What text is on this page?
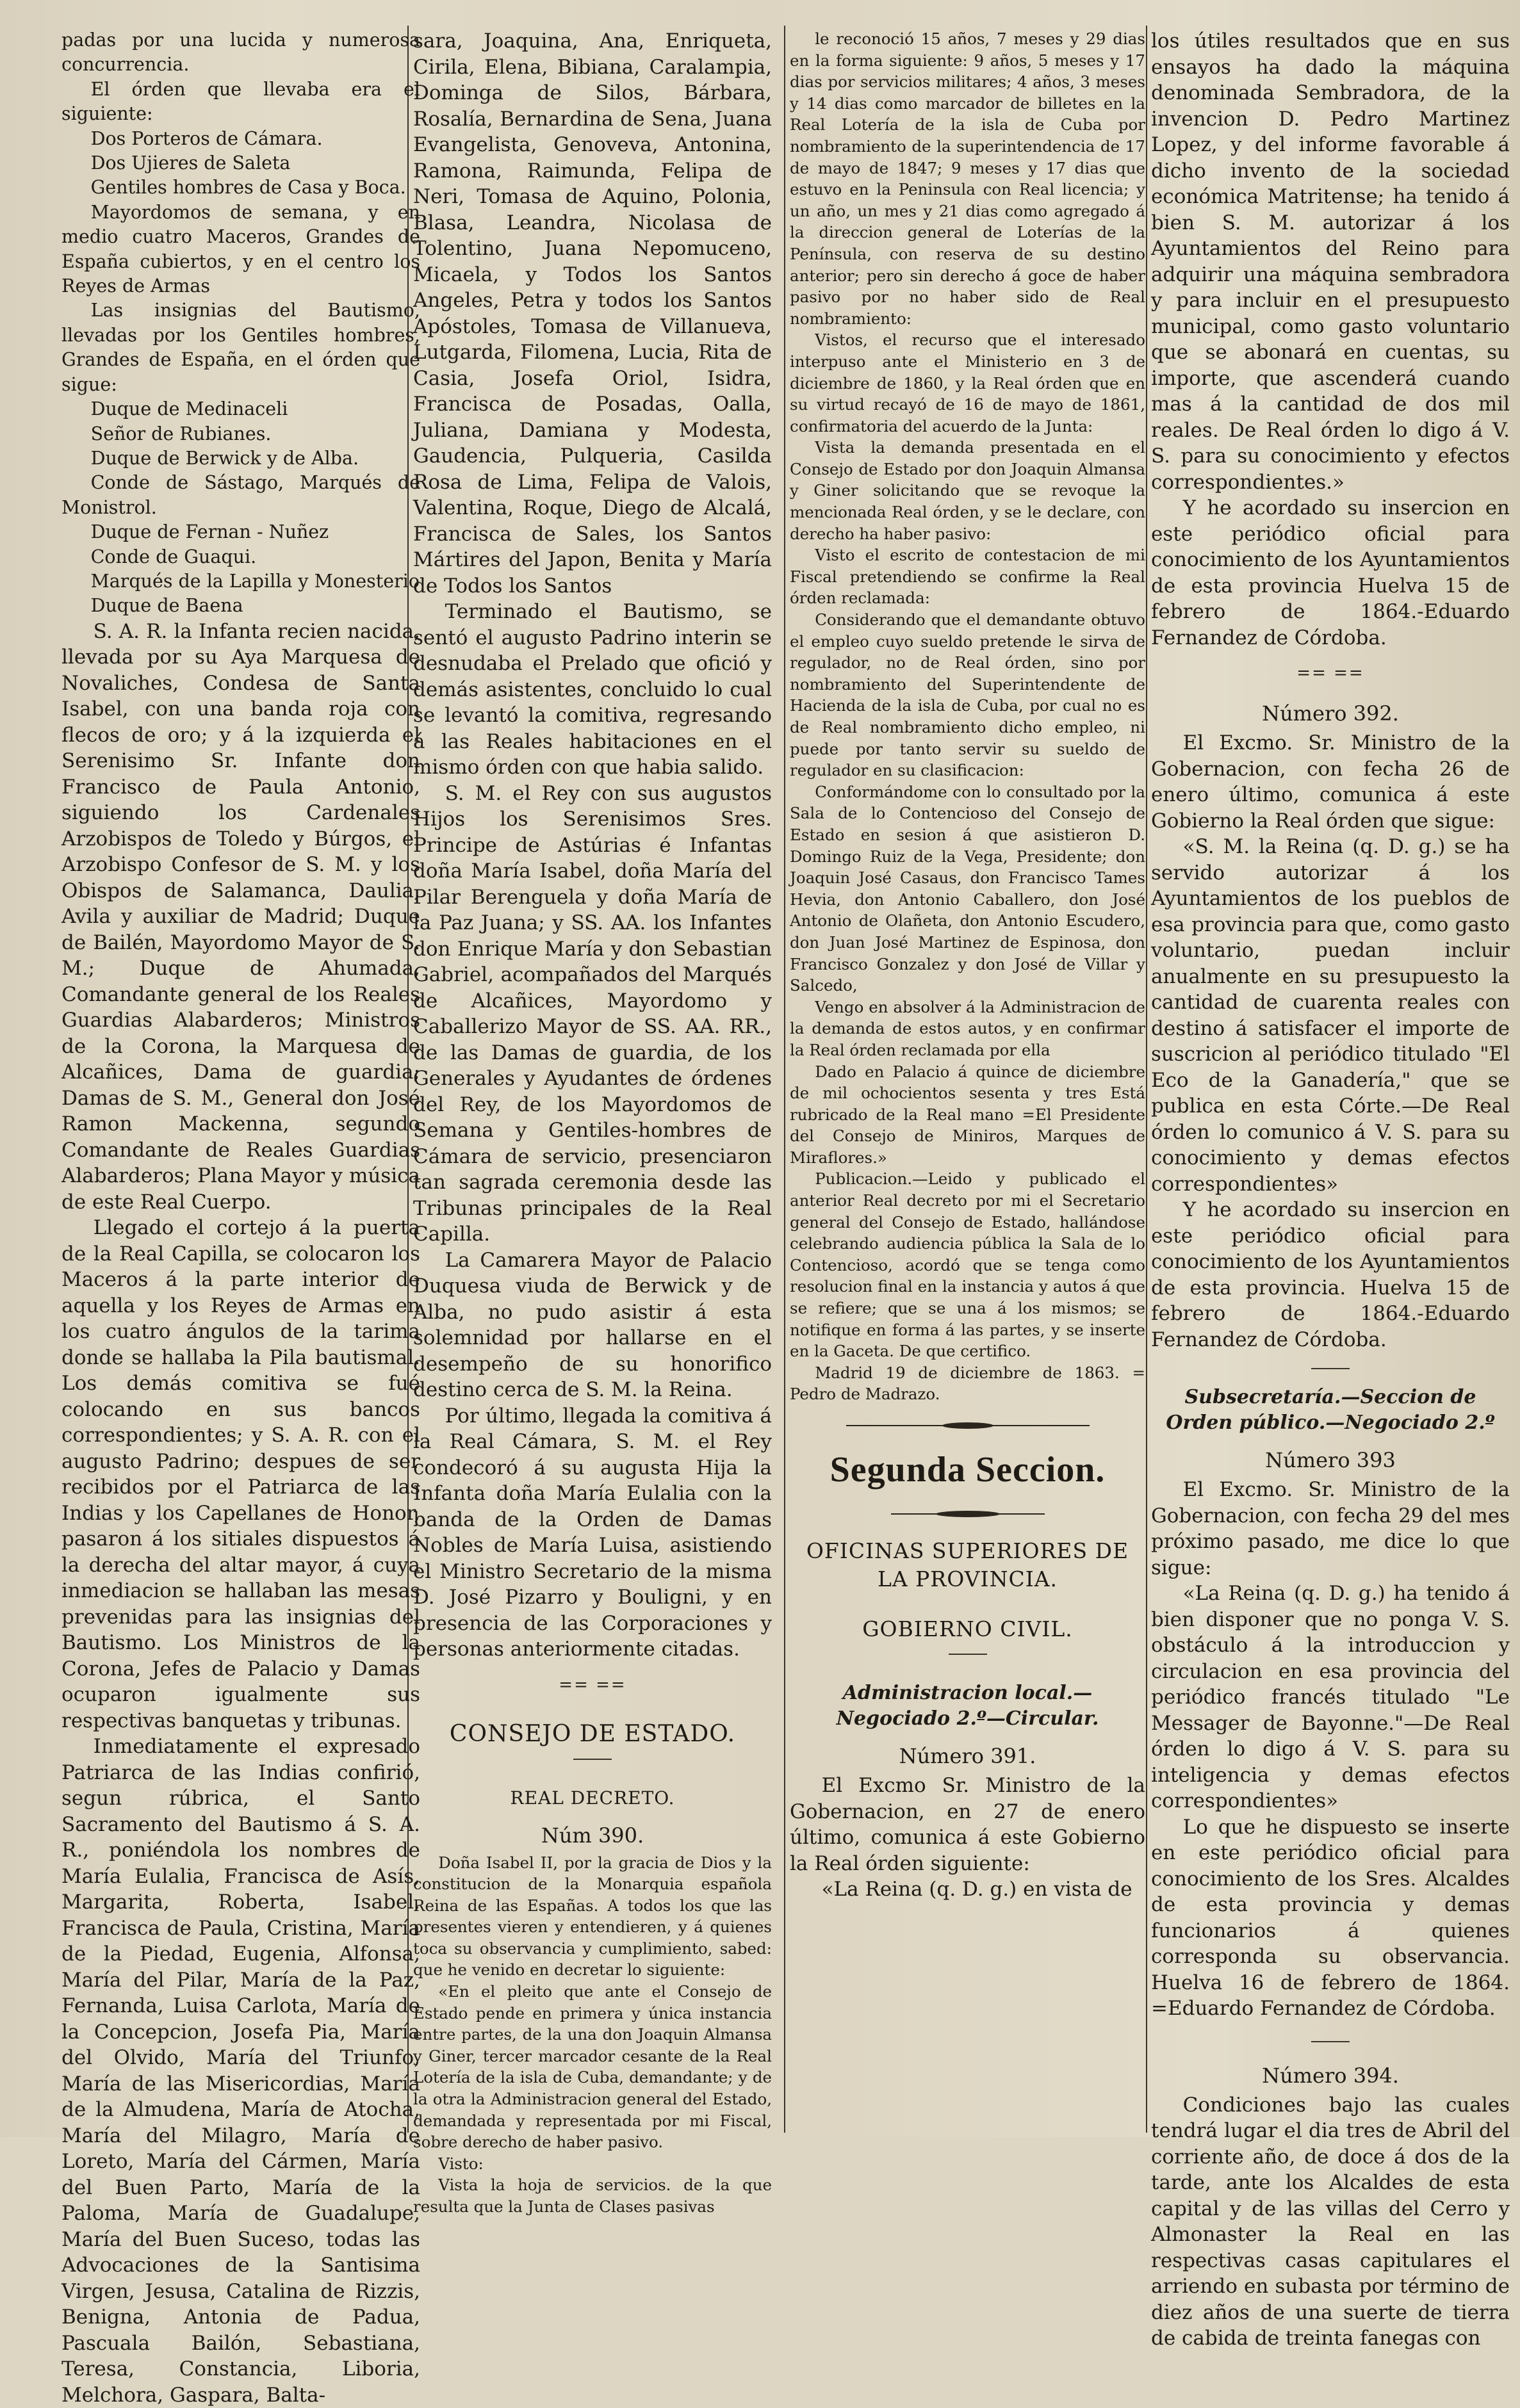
padas por una lucida y numerosa concurrencia.

El órden que llevaba era el siguiente:

Dos Porteros de Cámara.

Dos Ujieres de Saleta

Gentiles hombres de Casa y Boca.

Mayordomos de semana, y en medio cuatro Maceros, Grandes de España cubiertos, y en el centro los Reyes de Armas

Las insignias del Bautismo, llevadas por los Gentiles hombres, Grandes de España, en el órden que sigue:

Duque de Medinaceli

Señor de Rubianes.

Duque de Berwick y de Alba.

Conde de Sástago, Marqués de Monistrol.

Duque de Fernan - Nuñez

Conde de Guaqui.

Marqués de la Lapilla y Monesterio

Duque de Baena

S. A. R. la Infanta recien nacida, llevada por su Aya Marquesa de Novaliches, Condesa de Santa Isabel, con una banda roja con flecos de oro; y á la izquierda el Serenisimo Sr. Infante don Francisco de Paula Antonio, siguiendo los Cardenales Arzobispos de Toledo y Búrgos, el Arzobispo Confesor de S. M. y los Obispos de Salamanca, Daulia, Avila y auxiliar de Madrid; Duque de Bailén, Mayordomo Mayor de S. M.; Duque de Ahumada, Comandante general de los Reales Guardias Alabarderos; Ministros de la Corona, la Marquesa de Alcañices, Dama de guardia; Damas de S. M., General don José Ramon Mackenna, segundo Comandante de Reales Guardias Alabarderos; Plana Mayor y música de este Real Cuerpo.

Llegado el cortejo á la puerta de la Real Capilla, se colocaron los Maceros á la parte interior de aquella y los Reyes de Armas en los cuatro ángulos de la tarima donde se hallaba la Pila bautismal. Los demás comitiva se fué colocando en sus bancos correspondientes; y S. A. R. con el augusto Padrino; despues de ser recibidos por el Patriarca de las Indias y los Capellanes de Honor, pasaron á los sitiales dispuestos á la derecha del altar mayor, á cuya inmediacion se hallaban las mesas prevenidas para las insignias del Bautismo. Los Ministros de la Corona, Jefes de Palacio y Damas ocuparon igualmente sus respectivas banquetas y tribunas.

Inmediatamente el expresado Patriarca de las Indias confirió, segun rúbrica, el Santo Sacramento del Bautismo á S. A. R., poniéndola los nombres de María Eulalia, Francisca de Asís, Margarita, Roberta, Isabel, Francisca de Paula, Cristina, María de la Piedad, Eugenia, Alfonsa, María del Pilar, María de la Paz, Fernanda, Luisa Carlota, María de la Concepcion, Josefa Pia, María del Olvido, María del Triunfo, María de las Misericordias, María de la Almudena, María de Atocha, María del Milagro, María de Loreto, María del Cármen, María del Buen Parto, María de la Paloma, María de Guadalupe, María del Buen Suceso, todas las Advocaciones de la Santisima Virgen, Jesusa, Catalina de Rizzis, Benigna, Antonia de Padua, Pascuala Bailón, Sebastiana, Teresa, Constancia, Liboria, Melchora, Gaspara, Balta-

sara, Joaquina, Ana, Enriqueta, Cirila, Elena, Bibiana, Caralampia, Dominga de Silos, Bárbara, Rosalía, Bernardina de Sena, Juana Evangelista, Genoveva, Antonina, Ramona, Raimunda, Felipa de Neri, Tomasa de Aquino, Polonia, Blasa, Leandra, Nicolasa de Tolentino, Juana Nepomuceno, Micaela, y Todos los Santos Angeles, Petra y todos los Santos Apóstoles, Tomasa de Villanueva, Lutgarda, Filomena, Lucia, Rita de Casia, Josefa Oriol, Isidra, Francisca de Posadas, Oalla, Juliana, Damiana y Modesta, Gaudencia, Pulqueria, Casilda Rosa de Lima, Felipa de Valois, Valentina, Roque, Diego de Alcalá, Francisca de Sales, los Santos Mártires del Japon, Benita y María de Todos los Santos

Terminado el Bautismo, se sentó el augusto Padrino interin se desnudaba el Prelado que ofició y demás asistentes, concluido lo cual se levantó la comitiva, regresando á las Reales habitaciones en el mismo órden con que habia salido.

S. M. el Rey con sus augustos Hijos los Serenisimos Sres. Principe de Astúrias é Infantas doña María Isabel, doña María del Pilar Berenguela y doña María de la Paz Juana; y SS. AA. los Infantes don Enrique María y don Sebastian Gabriel, acompañados del Marqués de Alcañices, Mayordomo y Caballerizo Mayor de SS. AA. RR., de las Damas de guardia, de los Generales y Ayudantes de órdenes del Rey, de los Mayordomos de Semana y Gentiles-hombres de Cámara de servicio, presenciaron tan sagrada ceremonia desde las Tribunas principales de la Real Capilla.

La Camarera Mayor de Palacio Duquesa viuda de Berwick y de Alba, no pudo asistir á esta solemnidad por hallarse en el desempeño de su honorifico destino cerca de S. M. la Reina.

Por último, llegada la comitiva á la Real Cámara, S. M. el Rey condecoró á su augusta Hija la Infanta doña María Eulalia con la banda de la Orden de Damas Nobles de María Luisa, asistiendo el Ministro Secretario de la misma D. José Pizarro y Bouligni, y en presencia de las Corporaciones y personas anteriormente citadas.

== ==
CONSEJO DE ESTADO.
REAL DECRETO.
Núm 390.

Doña Isabel II, por la gracia de Dios y la constitucion de la Monarquia española Reina de las Españas. A todos los que las presentes vieren y entendieren, y á quienes toca su observancia y cumplimiento, sabed: que he venido en decretar lo siguiente:

«En el pleito que ante el Consejo de Estado pende en primera y única instancia entre partes, de la una don Joaquin Almansa y Giner, tercer marcador cesante de la Real Lotería de la isla de Cuba, demandante; y de la otra la Administracion general del Estado, demandada y representada por mi Fiscal, sobre derecho de haber pasivo.

Visto:

Vista la hoja de servicios. de la que resulta que la Junta de Clases pasivas

le reconoció 15 años, 7 meses y 29 dias en la forma siguiente: 9 años, 5 meses y 17 dias por servicios militares; 4 años, 3 meses y 14 dias como marcador de billetes en la Real Lotería de la isla de Cuba por nombramiento de la superintendencia de 17 de mayo de 1847; 9 meses y 17 dias que estuvo en la Peninsula con Real licencia; y un año, un mes y 21 dias como agregado á la direccion general de Loterías de la Península, con reserva de su destino anterior; pero sin derecho á goce de haber pasivo por no haber sido de Real nombramiento:

Vistos, el recurso que el interesado interpuso ante el Ministerio en 3 de diciembre de 1860, y la Real órden que en su virtud recayó de 16 de mayo de 1861, confirmatoria del acuerdo de la Junta:

Vista la demanda presentada en el Consejo de Estado por don Joaquin Almansa y Giner solicitando que se revoque la mencionada Real órden, y se le declare, con derecho ha haber pasivo:

Visto el escrito de contestacion de mi Fiscal pretendiendo se confirme la Real órden reclamada:

Considerando que el demandante obtuvo el empleo cuyo sueldo pretende le sirva de regulador, no de Real órden, sino por nombramiento del Superintendente de Hacienda de la isla de Cuba, por cual no es de Real nombramiento dicho empleo, ni puede por tanto servir su sueldo de regulador en su clasificacion:

Conformándome con lo consultado por la Sala de lo Contencioso del Consejo de Estado en sesion á que asistieron D. Domingo Ruiz de la Vega, Presidente; don Joaquin José Casaus, don Francisco Tames Hevia, don Antonio Caballero, don José Antonio de Olañeta, don Antonio Escudero, don Juan José Martinez de Espinosa, don Francisco Gonzalez y don José de Villar y Salcedo,

Vengo en absolver á la Administracion de la demanda de estos autos, y en confirmar la Real órden reclamada por ella

Dado en Palacio á quince de diciembre de mil ochocientos sesenta y tres Está rubricado de la Real mano =El Presidente del Consejo de Miniros, Marques de Miraflores.»

Publicacion.—Leido y publicado el anterior Real decreto por mi el Secretario general del Consejo de Estado, hallándose celebrando audiencia pública la Sala de lo Contencioso, acordó que se tenga como resolucion final en la instancia y autos á que se refiere; que se una á los mismos; se notifique en forma á las partes, y se inserte en la Gaceta. De que certifico.

Madrid 19 de diciembre de 1863. = Pedro de Madrazo.

Segunda Seccion.
OFICINAS SUPERIORES DE LA PROVINCIA.
GOBIERNO CIVIL.
Administracion local.—Negociado 2.º—Circular.
Número 391.

El Excmo Sr. Ministro de la Gobernacion, en 27 de enero último, comunica á este Gobierno la Real órden siguiente:

«La Reina (q. D. g.) en vista de

los útiles resultados que en sus ensayos ha dado la máquina denominada Sembradora, de la invencion D. Pedro Martinez Lopez, y del informe favorable á dicho invento de la sociedad económica Matritense; ha tenido á bien S. M. autorizar á los Ayuntamientos del Reino para adquirir una máquina sembradora y para incluir en el presupuesto municipal, como gasto voluntario que se abonará en cuentas, su importe, que ascenderá cuando mas á la cantidad de dos mil reales. De Real órden lo digo á V. S. para su conocimiento y efectos correspondientes.»

Y he acordado su insercion en este periódico oficial para conocimiento de los Ayuntamientos de esta provincia Huelva 15 de febrero de 1864.-Eduardo Fernandez de Córdoba.

== ==
Número 392.

El Excmo. Sr. Ministro de la Gobernacion, con fecha 26 de enero último, comunica á este Gobierno la Real órden que sigue:

«S. M. la Reina (q. D. g.) se ha servido autorizar á los Ayuntamientos de los pueblos de esa provincia para que, como gasto voluntario, puedan incluir anualmente en su presupuesto la cantidad de cuarenta reales con destino á satisfacer el importe de suscricion al periódico titulado "El Eco de la Ganadería," que se publica en esta Córte.—De Real órden lo comunico á V. S. para su conocimiento y demas efectos correspondientes»

Y he acordado su insercion en este periódico oficial para conocimiento de los Ayuntamientos de esta provincia. Huelva 15 de febrero de 1864.-Eduardo Fernandez de Córdoba.

Subsecretaría.—Seccion de Orden público.—Negociado 2.º
Número 393

El Excmo. Sr. Ministro de la Gobernacion, con fecha 29 del mes próximo pasado, me dice lo que sigue:

«La Reina (q. D. g.) ha tenido á bien disponer que no ponga V. S. obstáculo á la introduccion y circulacion en esa provincia del periódico francés titulado "Le Messager de Bayonne."—De Real órden lo digo á V. S. para su inteligencia y demas efectos correspondientes»

Lo que he dispuesto se inserte en este periódico oficial para conocimiento de los Sres. Alcaldes de esta provincia y demas funcionarios á quienes corresponda su observancia. Huelva 16 de febrero de 1864. =Eduardo Fernandez de Córdoba.

Número 394.

Condiciones bajo las cuales tendrá lugar el dia tres de Abril del corriente año, de doce á dos de la tarde, ante los Alcaldes de esta capital y de las villas del Cerro y Almonaster la Real en las respectivas casas capitulares el arriendo en subasta por término de diez años de una suerte de tierra de cabida de treinta fanegas con
